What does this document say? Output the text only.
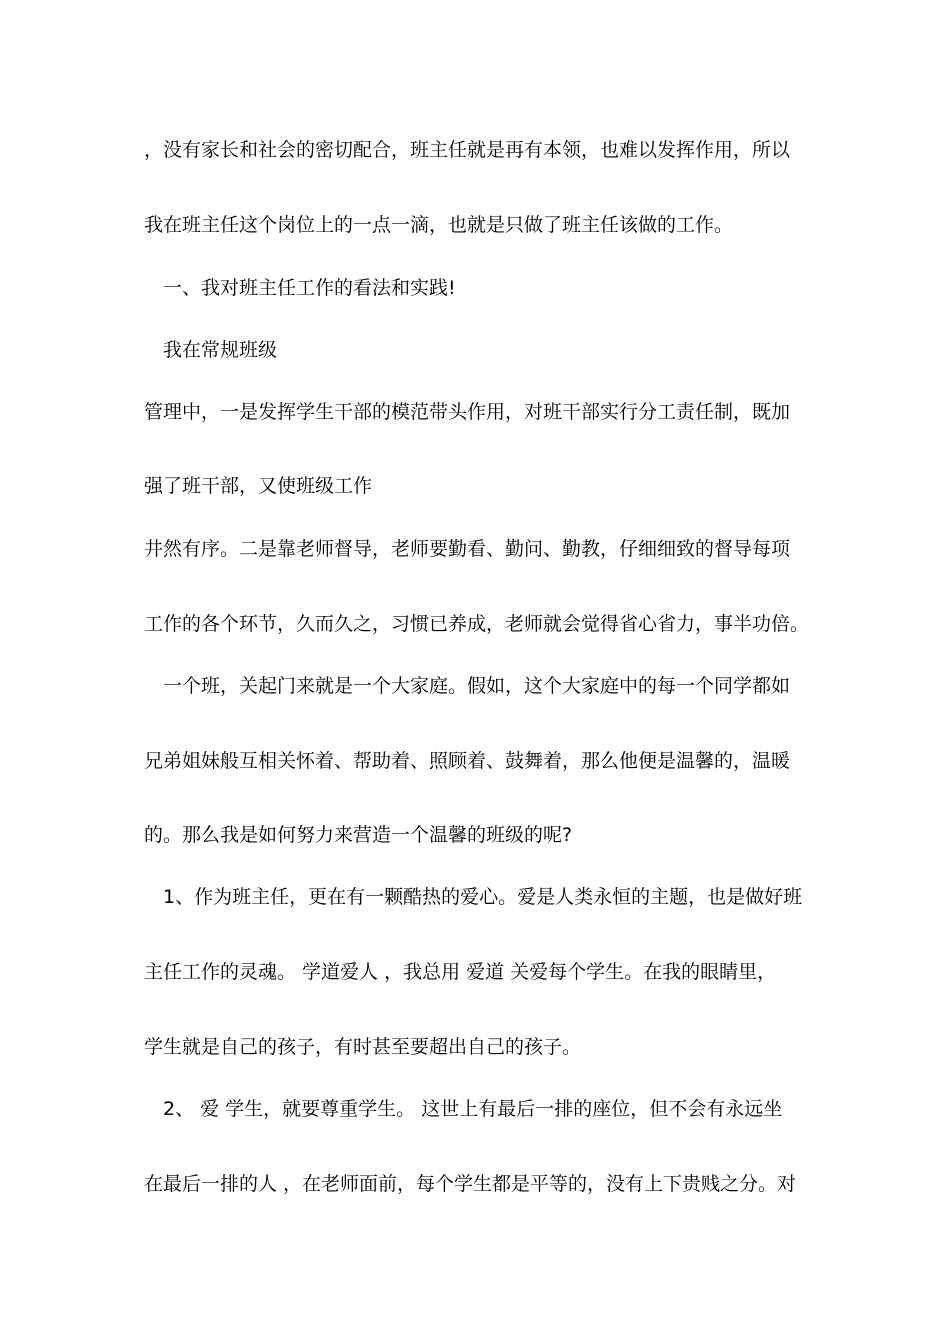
，没有家长和社会的密切配合，班主任就是再有本领，也难以发挥作用，所以

我在班主任这个岗位上的一点一滴，也就是只做了班主任该做的工作。

一、我对班主任工作的看法和实践!

我在常规班级

管理中，一是发挥学生干部的模范带头作用，对班干部实行分工责任制，既加

强了班干部，又使班级工作

井然有序。二是靠老师督导，老师要勤看、勤问、勤教，仔细细致的督导每项

工作的各个环节，久而久之，习惯已养成，老师就会觉得省心省力，事半功倍。

一个班，关起门来就是一个大家庭。假如，这个大家庭中的每一个同学都如

兄弟姐妹般互相关怀着、帮助着、照顾着、鼓舞着，那么他便是温馨的，温暖

的。那么我是如何努力来营造一个温馨的班级的呢?

1、作为班主任，更在有一颗酷热的爱心。爱是人类永恒的主题，也是做好班

主任工作的灵魂。 学道爱人 ，我总用 爱道 关爱每个学生。在我的眼睛里，

学生就是自己的孩子，有时甚至要超出自己的孩子。

2、 爱 学生，就要尊重学生。 这世上有最后一排的座位，但不会有永远坐

在最后一排的人 ，在老师面前，每个学生都是平等的，没有上下贵贱之分。对
